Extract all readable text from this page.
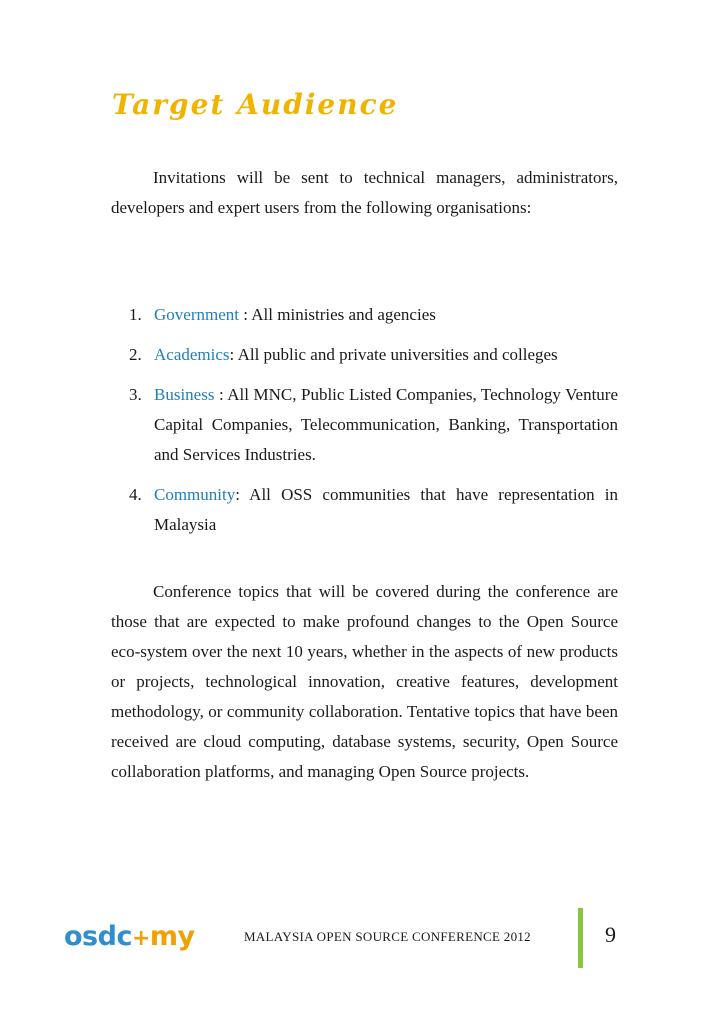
Target Audience

Invitations will be sent to technical managers, administrators, developers and expert users from the following organisations:

1. Government : All ministries and agencies
2. Academics: All public and private universities and colleges
3. Business : All MNC, Public Listed Companies, Technology Venture Capital Companies, Telecommunication, Banking, Transportation and Services Industries.
4. Community: All OSS communities that have representation in Malaysia

Conference topics that will be covered during the conference are those that are expected to make profound changes to the Open Source eco-system over the next 10 years, whether in the aspects of new products or projects, technological innovation, creative features, development methodology, or community collaboration. Tentative topics that have been received are cloud computing, database systems, security, Open Source collaboration platforms, and managing Open Source projects.

osdc+my	MALAYSIA OPEN SOURCE CONFERENCE 2012	9
